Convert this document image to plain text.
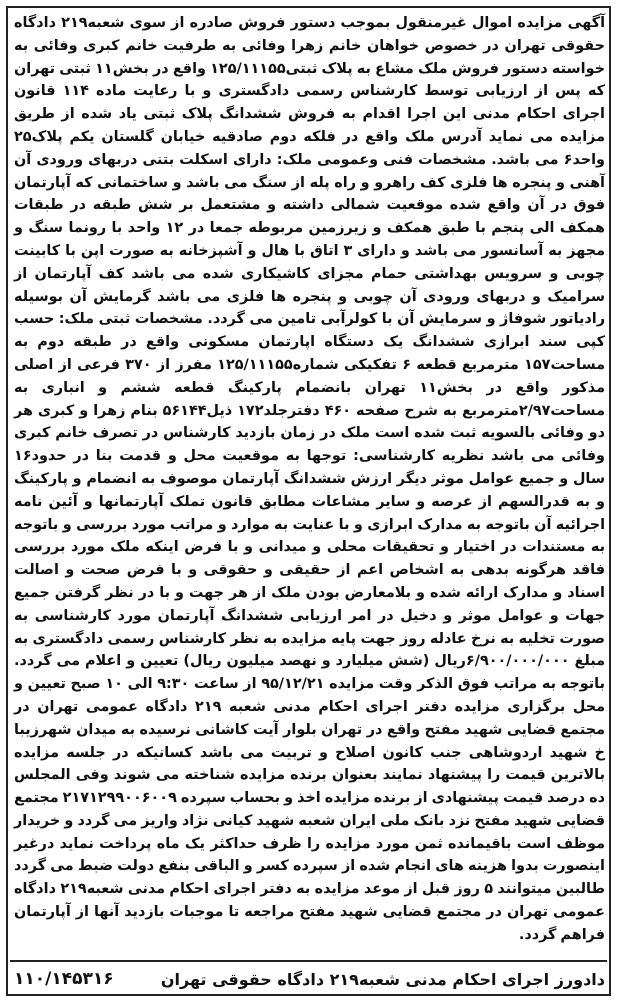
آگهی مزایده اموال غیرمنقول بموجب دستور فروش صادره از سوی شعبه۲۱۹ دادگاه حقوقی تهران در خصوص خواهان خانم زهرا وفائی به طرفیت خانم کبری وفائی به خواسته دستور فروش ملک مشاع به پلاک ثبتی۱۲۵/۱۱۱۵۵ واقع در بخش۱۱ ثبتی تهران که پس از ارزیابی توسط کارشناس رسمی دادگستری و با رعایت ماده ۱۱۴ قانون اجرای احکام مدنی این اجرا اقدام به فروش ششدانگ پلاک ثبتی یاد شده از طریق مزایده می نماید آدرس ملک واقع در فلکه دوم صادقیه خیابان گلستان یکم پلاک۲۵ واحد۶ می باشد. مشخصات فنی وعمومی ملک: دارای اسکلت بتنی دربهای ورودی آن آهنی و پنجره ها فلزی کف راهرو و راه پله از سنگ می باشد و ساختمانی که آپارتمان فوق در آن واقع شده موقعیت شمالی داشته و مشتعمل بر شش طبقه در طبقات همکف الی پنجم با طبق همکف و زیرزمین مربوطه جمعا در ۱۲ واحد با رونما سنگ و مجهز به آسانسور می باشد و دارای ۳ اتاق با هال و آشپزخانه به صورت اپن با کابینت چوبی و سرویس بهداشتی حمام مجزای کاشیکاری شده می باشد کف آپارتمان از سرامیک و دربهای ورودی آن چوبی و پنجره ها فلزی می باشد گرمایش آن بوسیله رادیاتور شوفاژ و سرمایش آن با کولرآبی تامین می گردد. مشخصات ثبتی ملک: حسب کپی سند ابرازی ششدانگ یک دستگاه اپارتمان مسکونی واقع در طبقه دوم به مساحت۱۵۷ مترمربع قطعه ۶ تفکیکی شماره۱۲۵/۱۱۱۵۵ مفرز از ۳۷۰ فرعی از اصلی مذکور واقع در بخش۱۱ تهران بانضمام پارکینگ قطعه ششم و انباری به مساحت۲/۹۷مترمربع به شرح صفحه ۴۶۰ دفترجلد۱۷۲ ذیل۵۶۱۴۴ بنام زهرا و کبری هر دو وفائی بالسویه ثبت شده است ملک در زمان بازدید کارشناس در تصرف خانم کبری وفائی می باشد نظریه کارشناسی: توجها به موقعیت محل و قدمت بنا در حدود۱۶ سال و جمیع عوامل موثر دیگر ارزش ششدانگ آپارتمان موصوف به انضمام و پارکینگ و به قدرالسهم از عرصه و سایر مشاعات مطابق قانون تملک آپارتمانها و آئین نامه اجرائیه آن باتوجه به مدارک ابرازی و با عنایت به موارد و مراتب مورد بررسی و باتوجه به مستندات در اختیار و تحقیقات محلی و میدانی و با فرض اینکه ملک مورد بررسی فاقد هرگونه بدهی به اشخاص اعم از حقیقی و حقوقی و با فرض صحت و اصالت اسناد و مدارک ارائه شده و بلامعارض بودن ملک از هر جهت و با در نظر گرفتن جمیع جهات و عوامل موثر و دخیل در امر ارزیابی ششدانگ آپارتمان مورد کارشناسی به صورت تخلیه به نرخ عادله روز جهت پایه مزایده به نظر کارشناس رسمی دادگستری به مبلغ ۶/۹۰۰/۰۰۰/۰۰۰ریال (شش میلیارد و نهصد میلیون ریال) تعیین و اعلام می گردد. باتوجه به مراتب فوق الذکر وقت مزایده ۹۵/۱۲/۲۱ از ساعت ۹:۳۰ الی ۱۰ صبح تعیین و محل برگزاری مزایده دفتر اجرای احکام مدنی شعبه ۲۱۹ دادگاه عمومی تهران در مجتمع قضایی شهید مفتح واقع در تهران بلوار آیت کاشانی نرسیده به میدان شهرزیبا خ شهید اردوشاهی جنب کانون اصلاح و تربیت می باشد کسانیکه در جلسه مزایده بالاترین قیمت را پیشنهاد نمایند بعنوان برنده مزایده شناخته می شوند وفی المجلس ده درصد قیمت پیشنهادی از برنده مزایده اخذ و بحساب سپرده ۲۱۷۱۲۹۹۰۰۶۰۰۹ مجتمع قضایی شهید مفتح نزد بانک ملی ایران شعبه شهید کیانی نژاد واریز می گردد و خریدار موظف است باقیمانده ثمن مورد مزایده را ظرف حداکثر یک ماه پرداخت نماید درغیر اینصورت بدوا هزینه های انجام شده از سپرده کسر و الباقی بنفع دولت ضبط می گردد طالبین میتوانند ۵ روز قبل از موعد مزایده به دفتر اجرای احکام مدنی شعبه۲۱۹ دادگاه عمومی تهران در مجتمع قضایی شهید مفتح مراجعه تا موجبات بازدید آنها از آپارتمان فراهم گردد.
دادورز اجرای احکام مدنی شعبه۲۱۹ دادگاه حقوقی تهران
۱۱۰/۱۴۵۳۱۶
